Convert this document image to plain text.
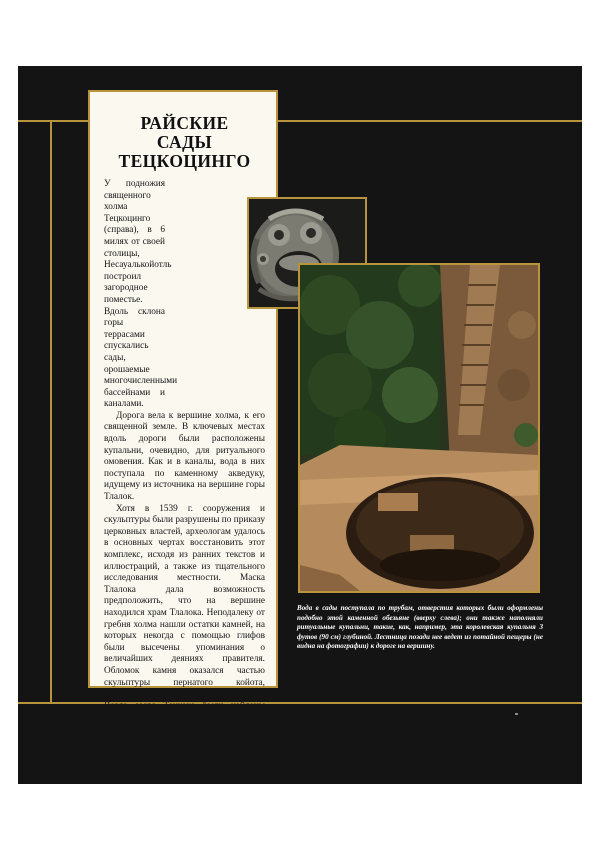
РАЙСКИЕ
САДЫ
ТЕЦКОЦИНГО

У подножия священного холма Тецкоцинго (справа), в 6 милях от своей столицы, Несауалькойотль построил загородное поместье. Вдоль склона горы террасами спускались сады, орошаемые многочисленными бассейнами и каналами.

Дорога вела к вершине холма, к его священной земле. В ключевых местах вдоль дороги были расположены купальни, очевидно, для ритуального омовения. Как и в каналы, вода в них поступала по каменному акведуку, идущему из источника на вершине горы Тлалок.

Хотя в 1539 г. сооружения и скульптуры были разрушены по приказу церковных властей, археологам удалось в основных чертах восстановить этот комплекс, исходя из ранних текстов и иллюстраций, а также из тщательного исследования местности. Маска Тлалока дала возможность предположить, что на вершине находился храм Тлалока. Неподалеку от гребня холма нашли остатки камней, на которых некогда с помощью глифов были высечены упоминания о величайших деяниях правителя. Обломок камня оказался частью скульптуры пернатого койота, покровителя и тотема Несауалькойотля. Возле озера Тецкоко были найдены развалины храма, посвященного богине-Земле и сельскохозяйственным божествам.

Вода в сады поступала по трубам, отверстия которых были оформлены подобно этой каменной обезьяне (вверху слева); они также наполняли ритуальные купальни, такие, как, например, эта королевская купальня 3 футов (90 см) глубиной. Лестница позади нее ведет из потайной пещеры (не видна на фотографии) к дороге на вершину.
